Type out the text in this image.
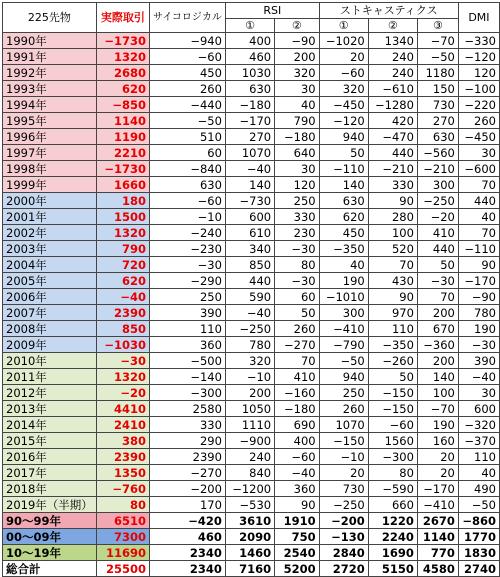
225先物	実際取引	サイコロジカル	RSI		ストキャスティクス			DMI
			①	②	①	②	③	
1990年	−1730	−940	400	−90	−1020	1340	−70	−330
1991年	1320	−60	460	200	20	240	−50	−120
1992年	2680	450	1030	320	−60	240	1180	120
1993年	620	260	630	30	320	−610	150	−100
1994年	−850	−440	−180	40	−450	−1280	730	−220
1995年	1140	−50	−170	790	−120	420	270	260
1996年	1190	510	270	−180	940	−470	630	−450
1997年	2210	60	1070	640	50	440	−560	30
1998年	−1730	−840	−40	30	−110	−210	−210	−600
1999年	1660	630	140	120	140	330	300	70
2000年	180	−60	−730	250	630	90	−250	440
2001年	1500	−10	600	330	620	280	−20	40
2002年	1320	−240	610	230	450	100	410	70
2003年	790	−230	340	−30	−350	520	440	−110
2004年	720	−30	850	80	40	70	50	90
2005年	620	−290	440	−30	190	430	−30	−170
2006年	−40	250	590	60	−1010	90	70	−90
2007年	2390	390	−40	50	300	970	200	780
2008年	850	110	−250	260	−410	110	670	190
2009年	−1030	360	780	−270	−790	−350	−360	−30
2010年	−30	−500	320	70	−50	−260	200	390
2011年	1320	−140	−10	410	940	50	140	−40
2012年	−20	−300	200	−160	250	−150	100	30
2013年	4410	2580	1050	−180	260	−150	−70	600
2014年	2410	330	1110	690	1070	−60	190	−320
2015年	380	290	−900	400	−150	1560	160	−370
2016年	2390	2390	240	−60	−10	−300	20	110
2017年	1350	−270	840	−40	20	80	20	40
2018年	−760	−200	−1200	360	730	−590	−170	490
2019年（半期）	80	170	−530	90	−250	660	−410	−50
90〜99年	6510	−420	3610	1910	−200	1220	2670	−860
00〜09年	7300	460	2090	750	−130	2240	1140	1770
10〜19年	11690	2340	1460	2540	2840	1690	770	1830
総合計	25500	2340	7160	5200	2720	5150	4580	2740
